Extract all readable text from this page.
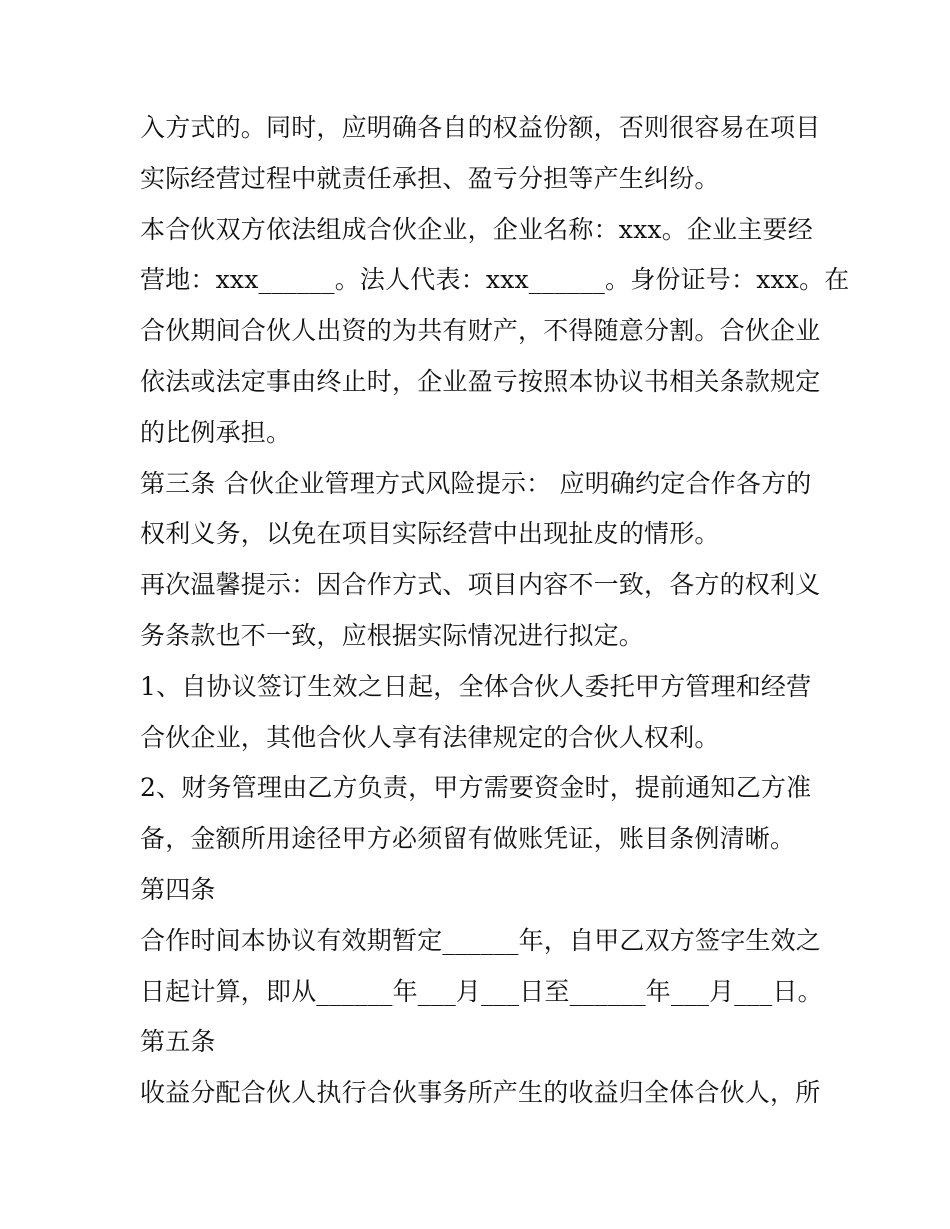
入方式的。同时，应明确各自的权益份额，否则很容易在项目
实际经营过程中就责任承担、盈亏分担等产生纠纷。
本合伙双方依法组成合伙企业，企业名称：xxx。企业主要经
营地：xxx______。法人代表：xxx______。身份证号：xxx。在
合伙期间合伙人出资的为共有财产，不得随意分割。合伙企业
依法或法定事由终止时，企业盈亏按照本协议书相关条款规定
的比例承担。
第三条 合伙企业管理方式风险提示： 应明确约定合作各方的
权利义务，以免在项目实际经营中出现扯皮的情形。
再次温馨提示：因合作方式、项目内容不一致，各方的权利义
务条款也不一致，应根据实际情况进行拟定。
1、自协议签订生效之日起，全体合伙人委托甲方管理和经营
合伙企业，其他合伙人享有法律规定的合伙人权利。
2、财务管理由乙方负责，甲方需要资金时，提前通知乙方准
备，金额所用途径甲方必须留有做账凭证，账目条例清晰。
第四条
合作时间本协议有效期暂定______年，自甲乙双方签字生效之
日起计算，即从______年___月___日至______年___月___日。
第五条
收益分配合伙人执行合伙事务所产生的收益归全体合伙人，所
